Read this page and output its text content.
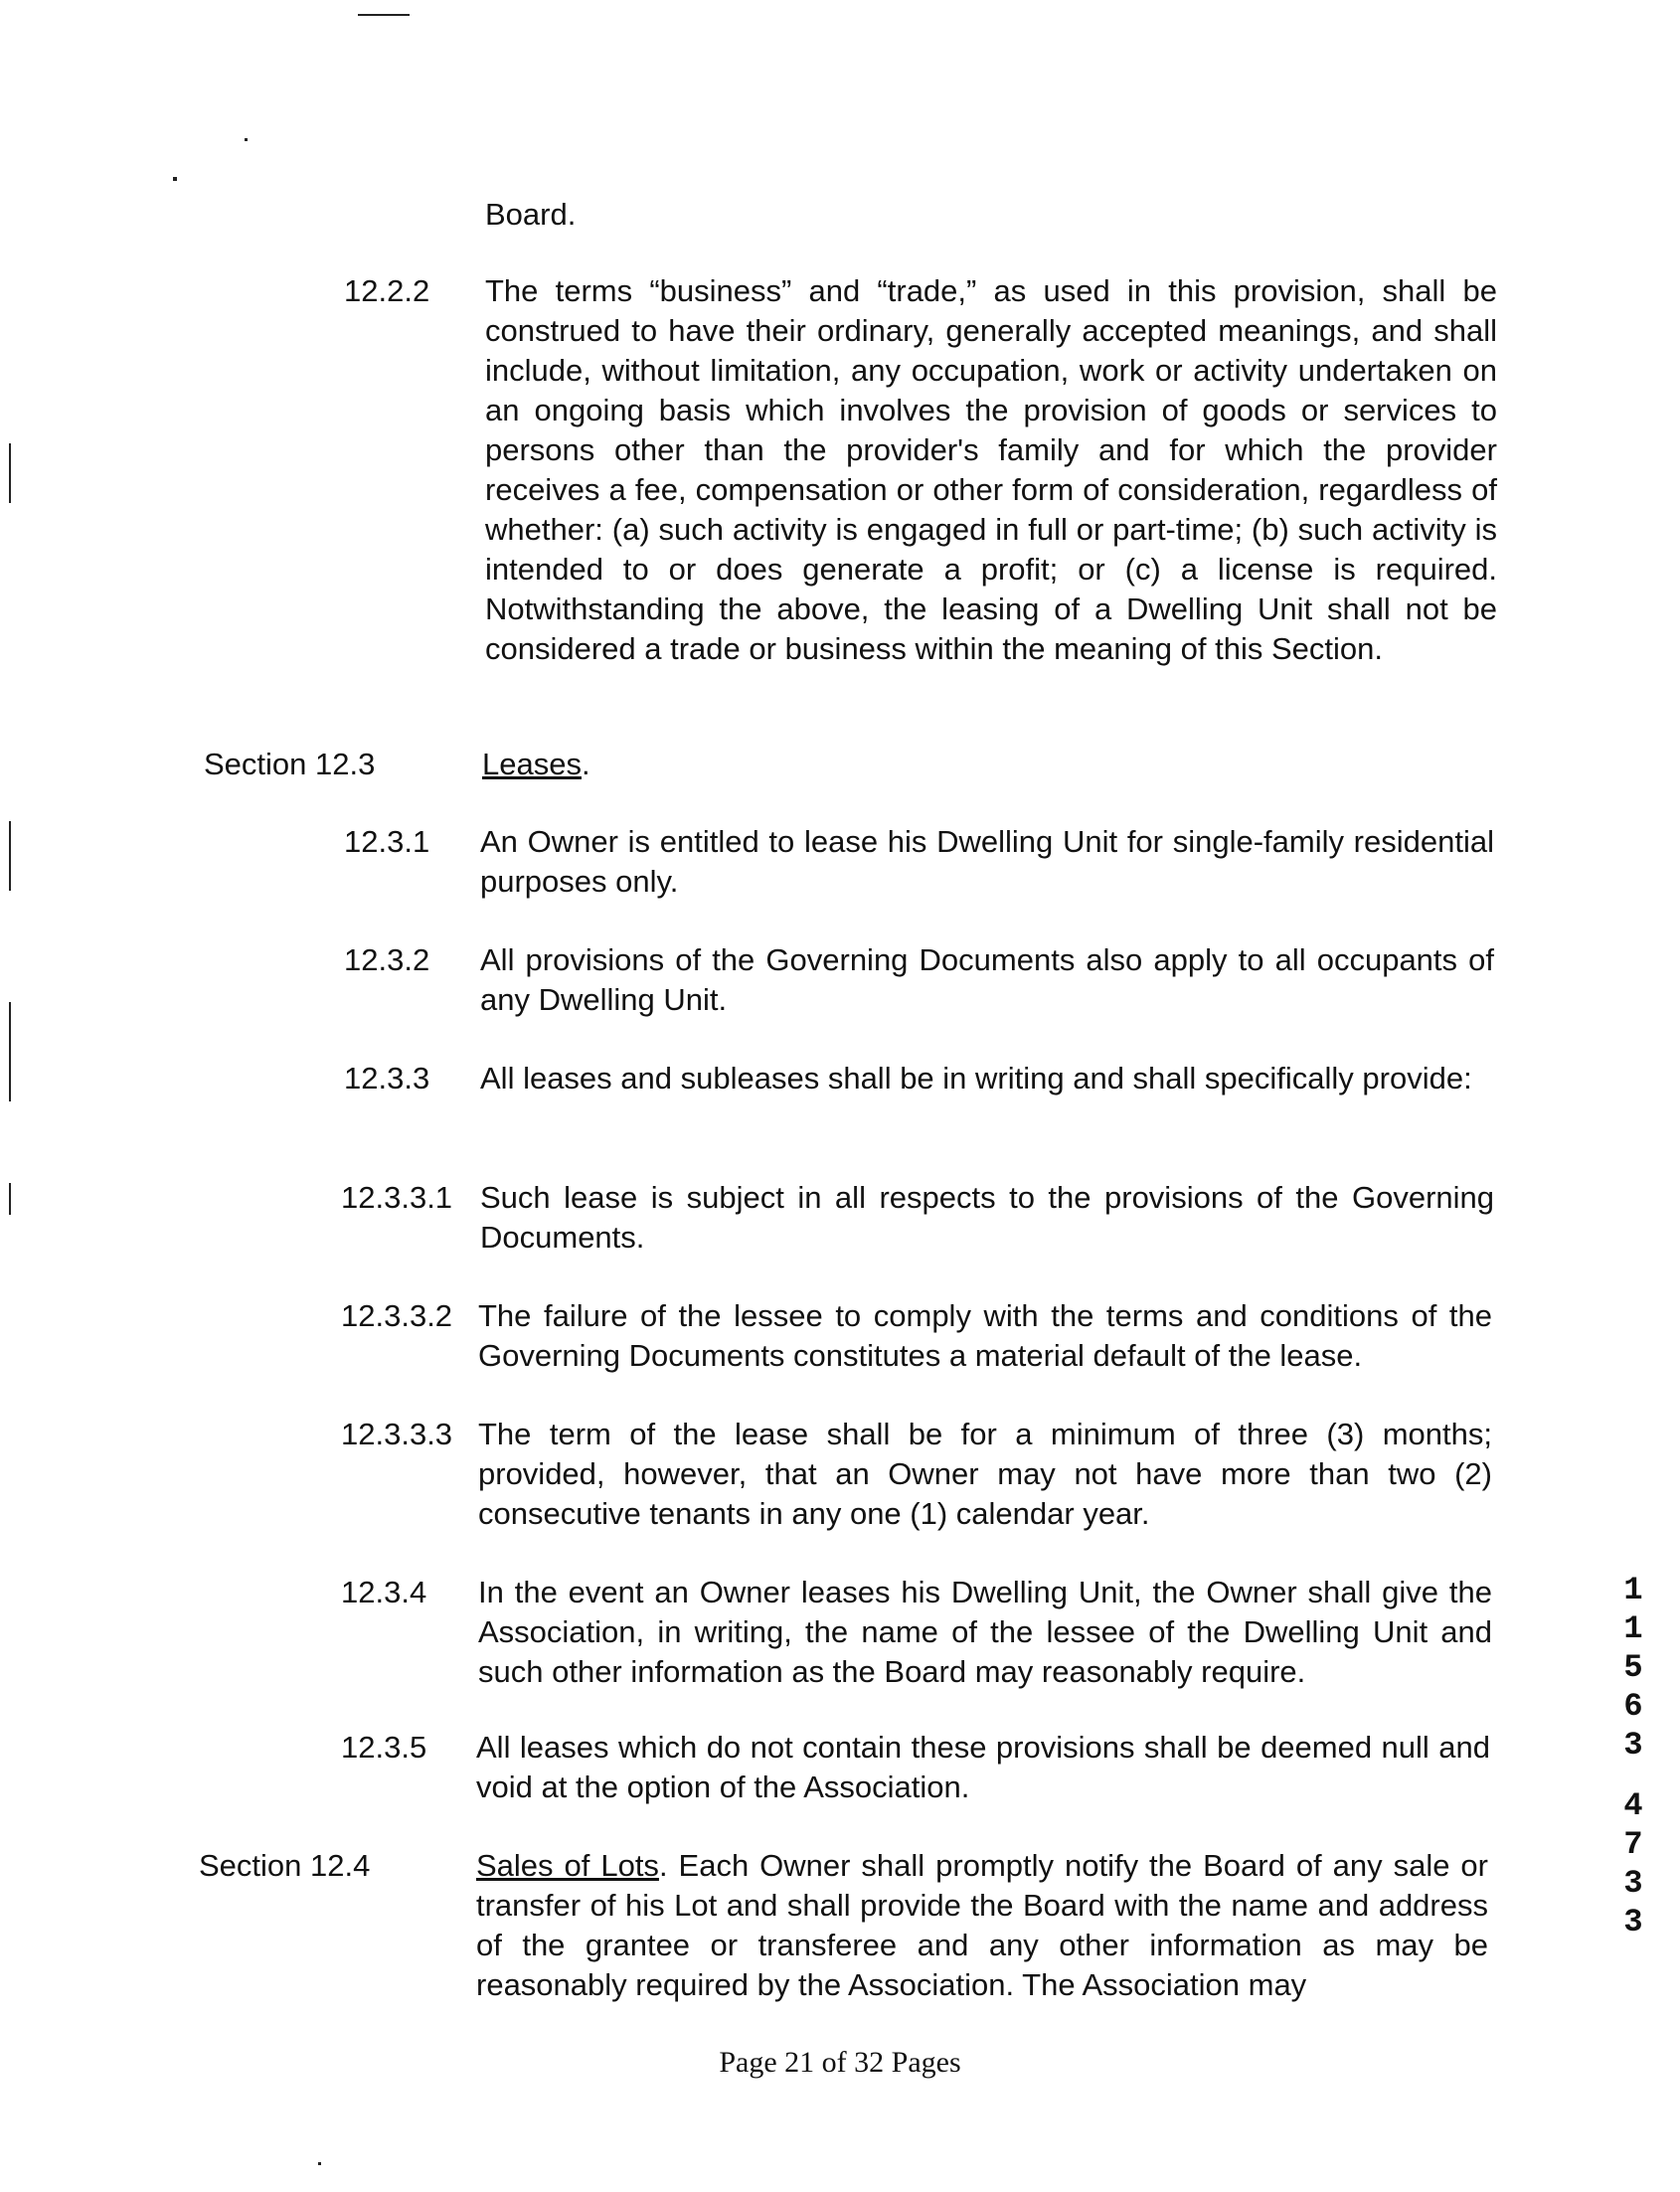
Board.

12.2.2 The terms “business” and “trade,” as used in this provision, shall be construed to have their ordinary, generally accepted meanings, and shall include, without limitation, any occupation, work or activity undertaken on an ongoing basis which involves the provision of goods or services to persons other than the provider's family and for which the provider receives a fee, compensation or other form of consideration, regardless of whether: (a) such activity is engaged in full or part-time; (b) such activity is intended to or does generate a profit; or (c) a license is required. Notwithstanding the above, the leasing of a Dwelling Unit shall not be considered a trade or business within the meaning of this Section.

Section 12.3	Leases.

12.3.1 An Owner is entitled to lease his Dwelling Unit for single-family residential purposes only.

12.3.2 All provisions of the Governing Documents also apply to all occupants of any Dwelling Unit.

12.3.3 All leases and subleases shall be in writing and shall specifically provide:

12.3.3.1 Such lease is subject in all respects to the provisions of the Governing Documents.

12.3.3.2 The failure of the lessee to comply with the terms and conditions of the Governing Documents constitutes a material default of the lease.

12.3.3.3 The term of the lease shall be for a minimum of three (3) months; provided, however, that an Owner may not have more than two (2) consecutive tenants in any one (1) calendar year.

12.3.4 In the event an Owner leases his Dwelling Unit, the Owner shall give the Association, in writing, the name of the lessee of the Dwelling Unit and such other information as the Board may reasonably require.

12.3.5 All leases which do not contain these provisions shall be deemed null and void at the option of the Association.

Section 12.4	Sales of Lots. Each Owner shall promptly notify the Board of any sale or transfer of his Lot and shall provide the Board with the name and address of the grantee or transferee and any other information as may be reasonably required by the Association. The Association may

Page 21 of 32 Pages
1
1
5
6
3
4
7
3
3
